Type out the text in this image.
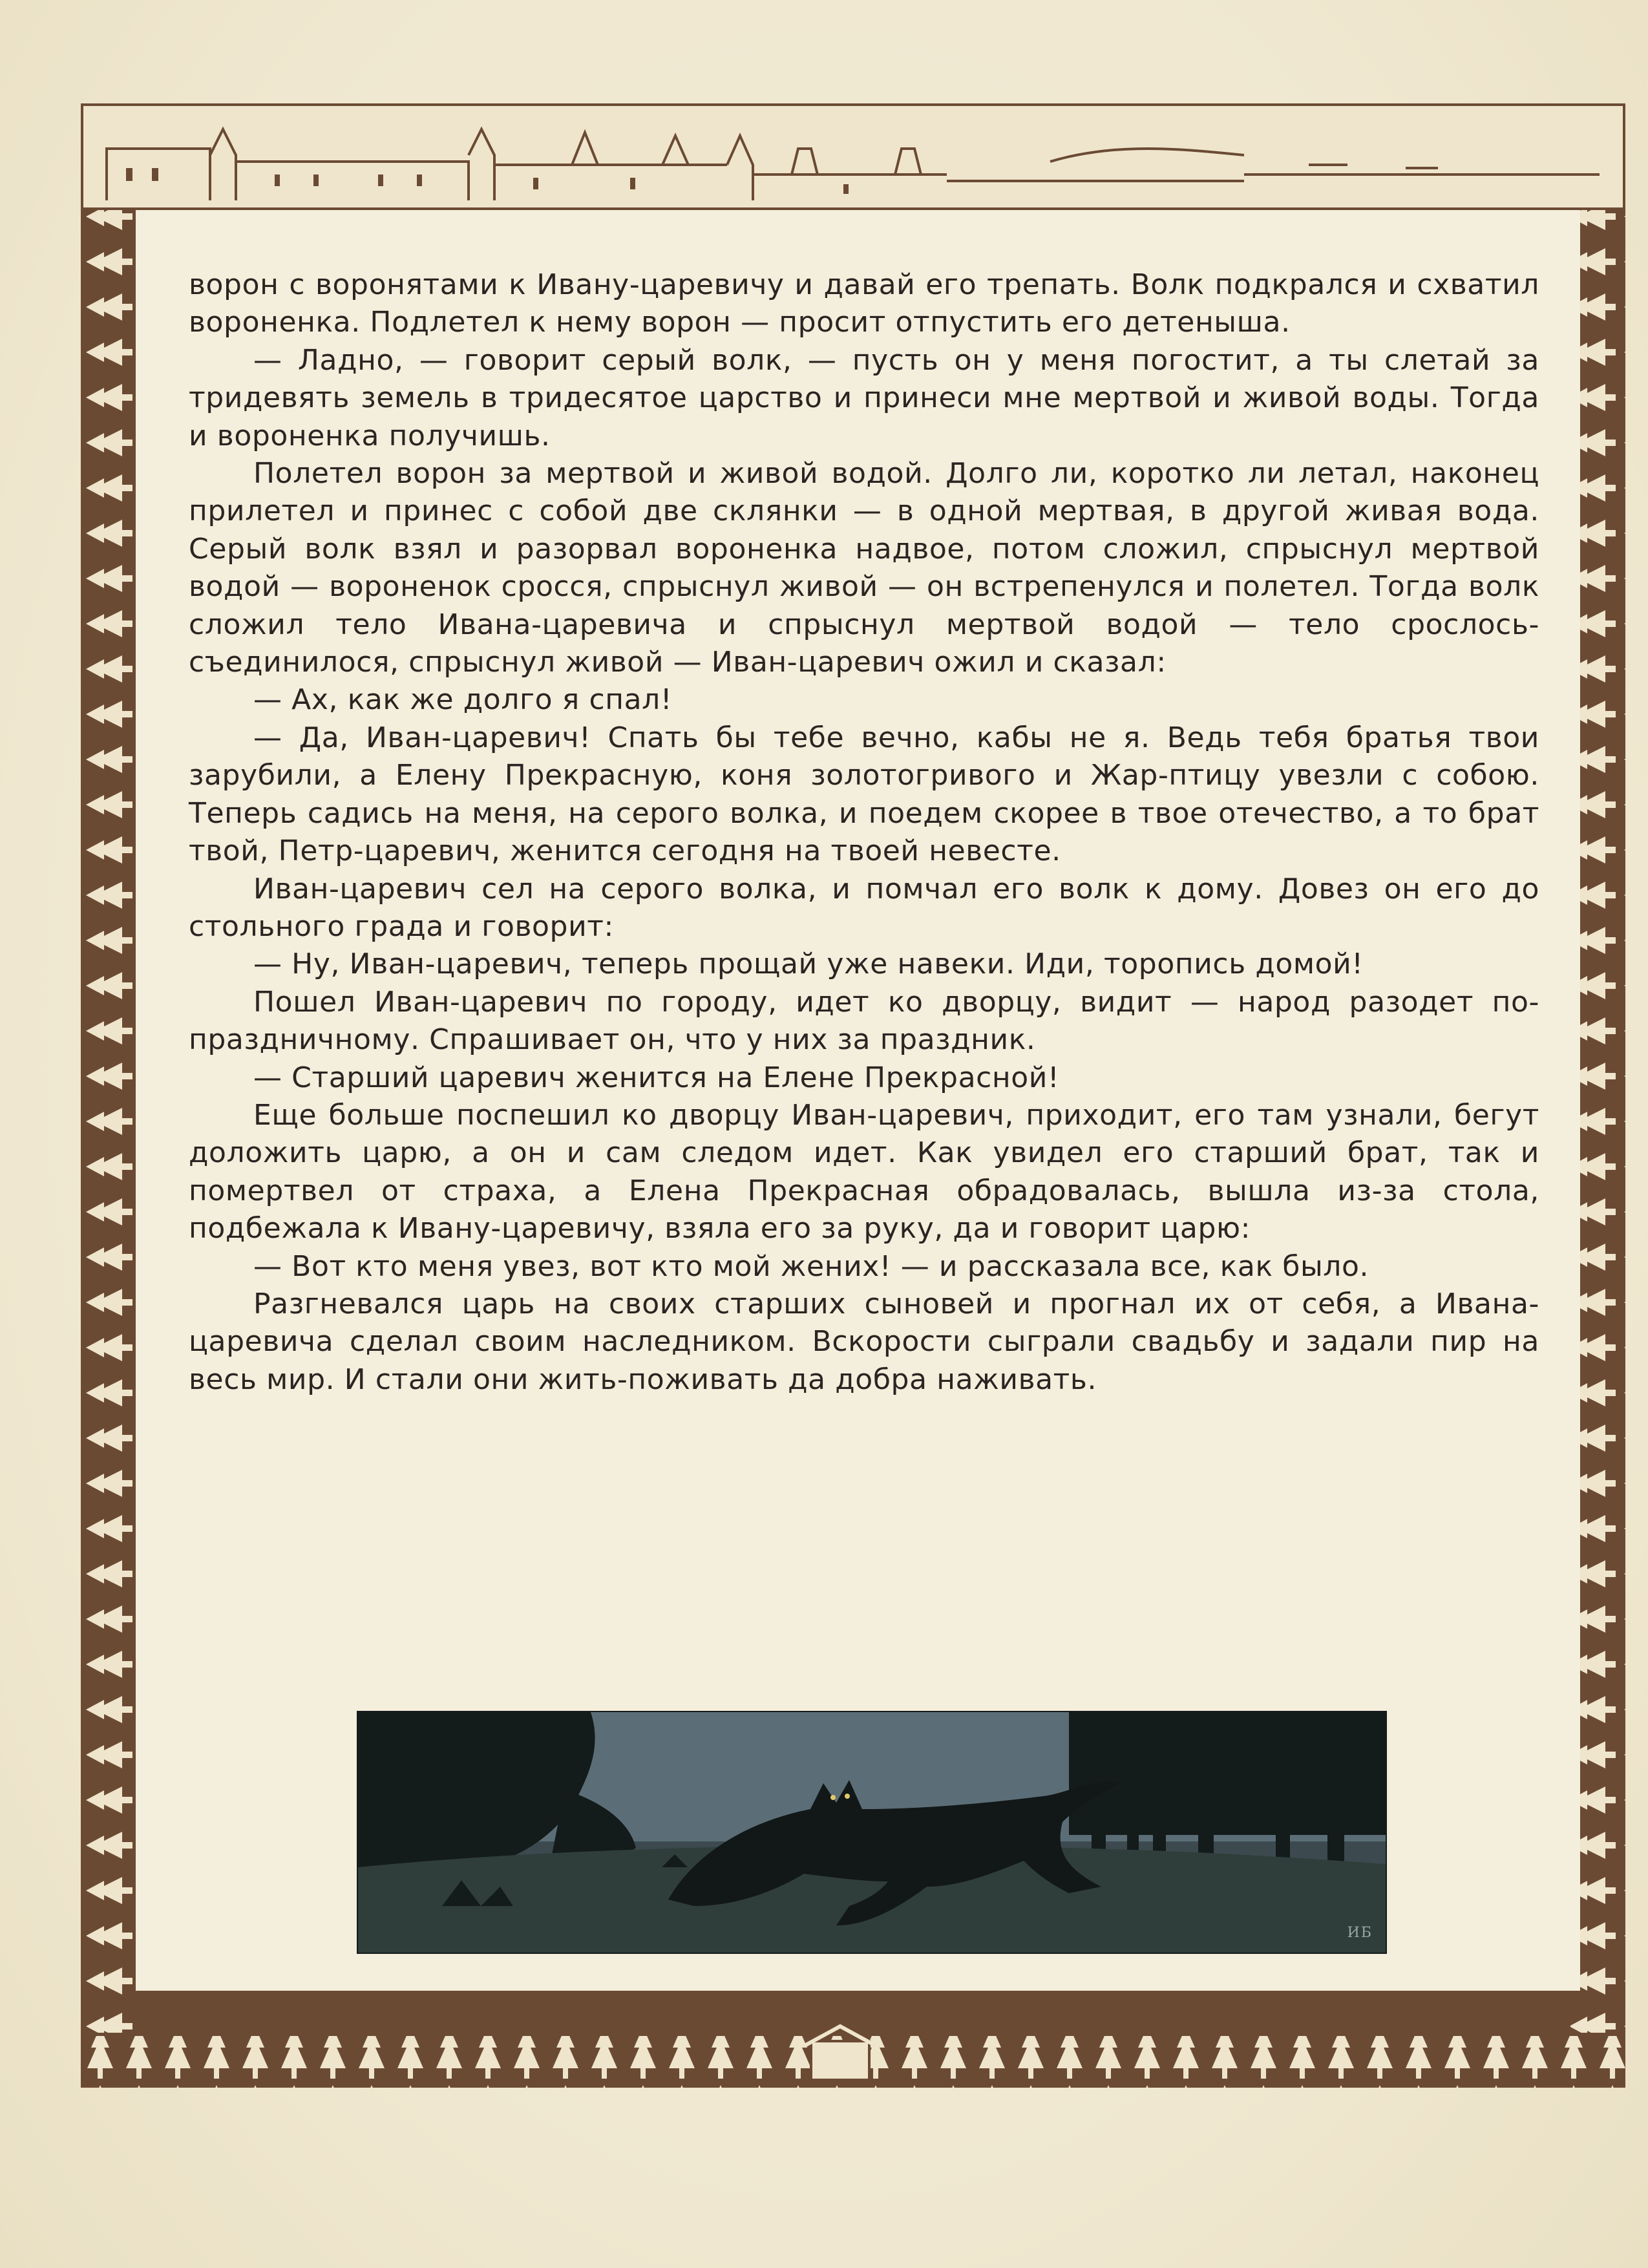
ворон с воронятами к Ивану-царевичу и давай его трепать. Волк подкрался и схватил вороненка. Подлетел к нему ворон — просит отпустить его детеныша.

— Ладно, — говорит серый волк, — пусть он у меня погостит, а ты слетай за тридевять земель в тридесятое царство и принеси мне мертвой и живой воды. Тогда и вороненка получишь.

Полетел ворон за мертвой и живой водой. Долго ли, коротко ли летал, наконец прилетел и принес с собой две склянки — в одной мертвая, в другой живая вода. Серый волк взял и разорвал вороненка надвое, потом сложил, спрыснул мертвой водой — вороненок сросся, спрыснул живой — он встрепенулся и полетел. Тогда волк сложил тело Ивана-царевича и спрыснул мертвой водой — тело срослось-съединилося, спрыснул живой — Иван-царевич ожил и сказал:

— Ах, как же долго я спал!

— Да, Иван-царевич! Спать бы тебе вечно, кабы не я. Ведь тебя братья твои зарубили, а Елену Прекрасную, коня золотогривого и Жар-птицу увезли с собою. Теперь садись на меня, на серого волка, и поедем скорее в твое отечество, а то брат твой, Петр-царевич, женится сегодня на твоей невесте.

Иван-царевич сел на серого волка, и помчал его волк к дому. Довез он его до стольного града и говорит:

— Ну, Иван-царевич, теперь прощай уже навеки. Иди, торопись домой!

Пошел Иван-царевич по городу, идет ко дворцу, видит — народ разодет по-праздничному. Спрашивает он, что у них за праздник.

— Старший царевич женится на Елене Прекрасной!

Еще больше поспешил ко дворцу Иван-царевич, приходит, его там узнали, бегут доложить царю, а он и сам следом идет. Как увидел его старший брат, так и помертвел от страха, а Елена Прекрасная обрадовалась, вышла из-за стола, подбежала к Ивану-царевичу, взяла его за руку, да и говорит царю:

— Вот кто меня увез, вот кто мой жених! — и рассказала все, как было.

Разгневался царь на своих старших сыновей и прогнал их от себя, а Ивана-царевича сделал своим наследником. Вскорости сыграли свадьбу и задали пир на весь мир. И стали они жить-поживать да добра наживать.

ИБ
